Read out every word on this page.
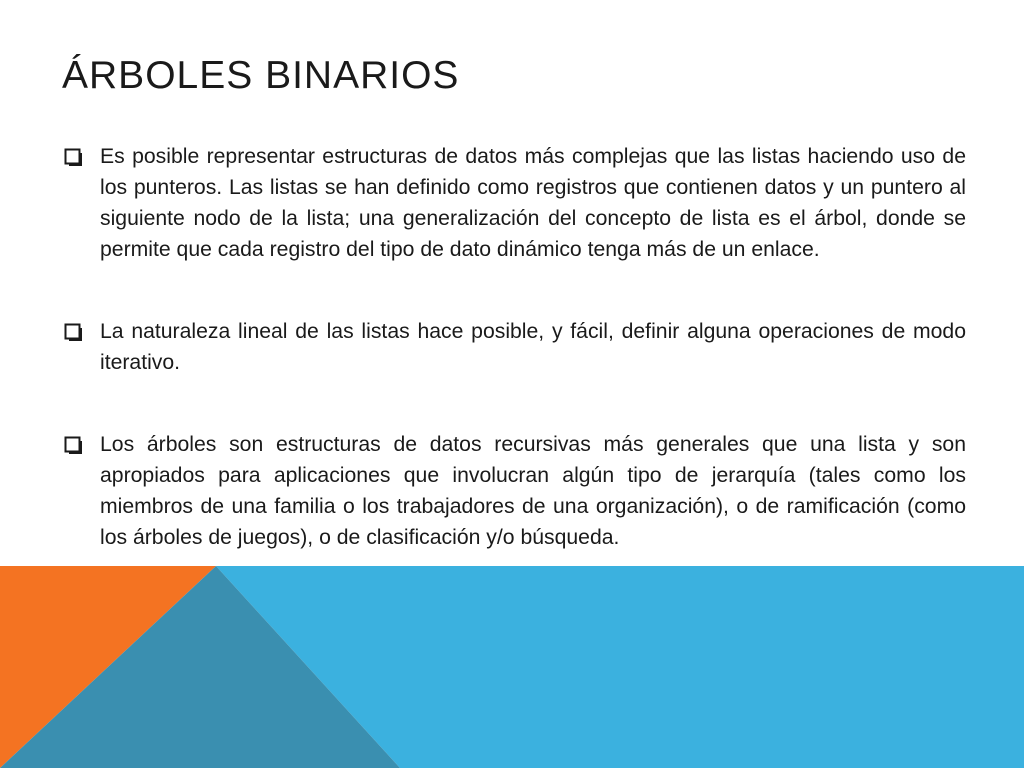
ÁRBOLES BINARIOS
Es posible representar estructuras de datos más complejas que las listas haciendo uso de los punteros. Las listas se han definido como registros que contienen datos y un puntero al siguiente nodo de la lista; una generalización del concepto de lista es el árbol, donde se permite que cada registro del tipo de dato dinámico tenga más de un enlace.
La naturaleza lineal de las listas hace posible, y fácil, definir alguna operaciones de modo iterativo.
Los árboles son estructuras de datos recursivas más generales que una lista y son apropiados para aplicaciones que involucran algún tipo de jerarquía (tales como los miembros de una familia o los trabajadores de una organización), o de ramificación (como los árboles de juegos), o de clasificación y/o búsqueda.
